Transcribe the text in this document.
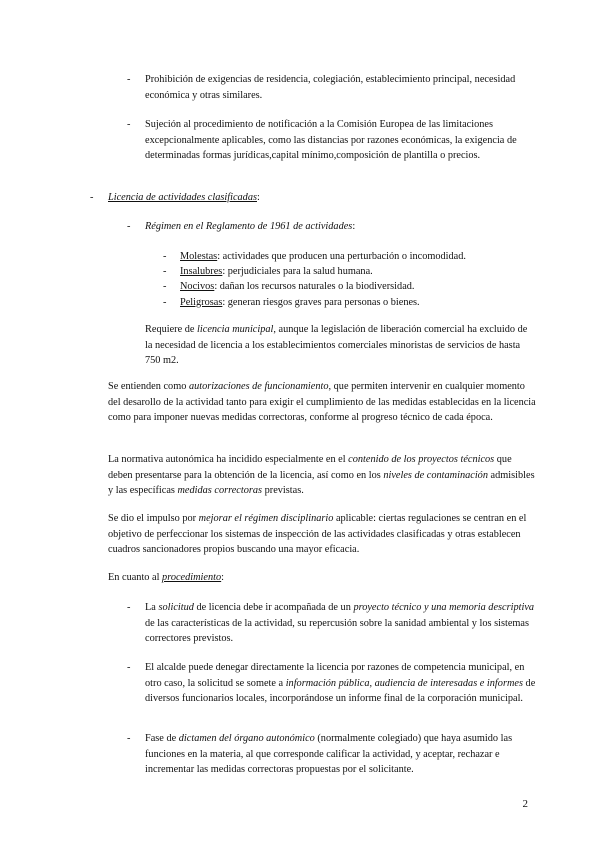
- Prohibición de exigencias de residencia, colegiación, establecimiento principal, necesidad económica y otras similares.

- Sujeción al procedimiento de notificación a la Comisión Europea de las limitaciones excepcionalmente aplicables, como las distancias por razones económicas, la exigencia de determinadas formas jurídicas,capital mínimo,composición de plantilla o precios.

- Licencia de actividades clasificadas:

- Régimen en el Reglamento de 1961 de actividades:

- Molestas: actividades que producen una perturbación o incomodidad.
- Insalubres: perjudiciales para la salud humana.
- Nocivos: dañan los recursos naturales o la biodiversidad.
- Peligrosas: generan riesgos graves para personas o bienes.

Requiere de licencia municipal, aunque la legislación de liberación comercial ha excluido de la necesidad de licencia a los establecimientos comerciales minoristas de servicios de hasta 750 m2.

Se entienden como autorizaciones de funcionamiento, que permiten intervenir en cualquier momento del desarollo de la actividad tanto para exigir el cumplimiento de las medidas establecidas en la licencia como para imponer nuevas medidas correctoras, conforme al progreso técnico de cada época.

La normativa autonómica ha incidido especialmente en el contenido de los proyectos técnicos que deben presentarse para la obtención de la licencia, así como en los niveles de contaminación admisibles y las específicas medidas correctoras previstas.

Se dio el impulso por mejorar el régimen disciplinario aplicable: ciertas regulaciones se centran en el objetivo de perfeccionar los sistemas de inspección de las actividades clasificadas y otras establecen cuadros sancionadores propios buscando una mayor eficacia.

En cuanto al procedimiento:

- La solicitud de licencia debe ir acompañada de un proyecto técnico y una memoria descriptiva de las características de la actividad, su repercusión sobre la sanidad ambiental y los sistemas correctores previstos.

- El alcalde puede denegar directamente la licencia por razones de competencia municipal, en otro caso, la solicitud se somete a información pública, audiencia de interesadas e informes de diversos funcionarios locales, incorporándose un informe final de la corporación municipal.

- Fase de dictamen del órgano autonómico (normalmente colegiado) que haya asumido las funciones en la materia, al que corresponde calificar la actividad, y aceptar, rechazar e incrementar las medidas correctoras propuestas por el solicitante.

2
